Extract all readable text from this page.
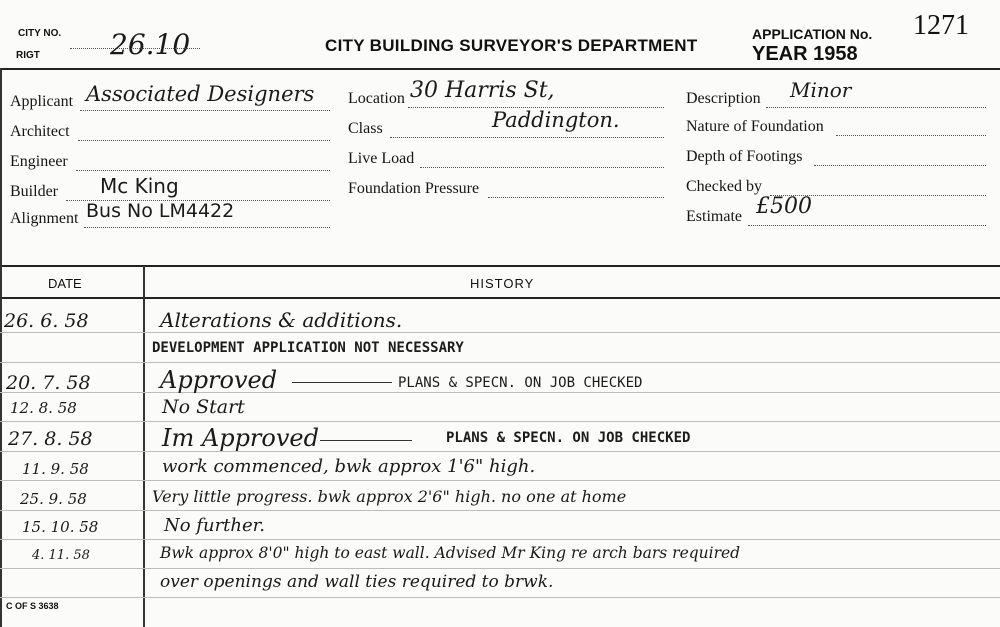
CITY NO.
RIGT	26.10	CITY BUILDING SURVEYOR'S DEPARTMENT
APPLICATION No. 1271
YEAR 1958
Applicant Associated Designers
Architect
Engineer
Builder Mc King
Alignment Bus No LM4422
Location 30 Harris St,
Class	Paddington.
Live Load
Foundation Pressure
Description Minor
Nature of Foundation
Depth of Footings
Checked by
Estimate £500
DATE	HISTORY
26. 6. 58	Alterations & additions.
DEVELOPMENT APPLICATION NOT NECESSARY
20. 7. 58	Approved	PLANS & SPECN. ON JOB CHECKED
12. 8. 58	No Start
27. 8. 58	Im Approved	PLANS & SPECN. ON JOB CHECKED
11. 9. 58	work commenced, bwk approx 1'6" high.
25. 9. 58	Very little progress. bwk approx 2'6" high. no one at home
15. 10. 58	No further.
4. 11. 58	Bwk approx 8'0" high to east wall. Advised Mr King re arch bars required
over openings and wall ties required to brwk.
C OF S 3638
